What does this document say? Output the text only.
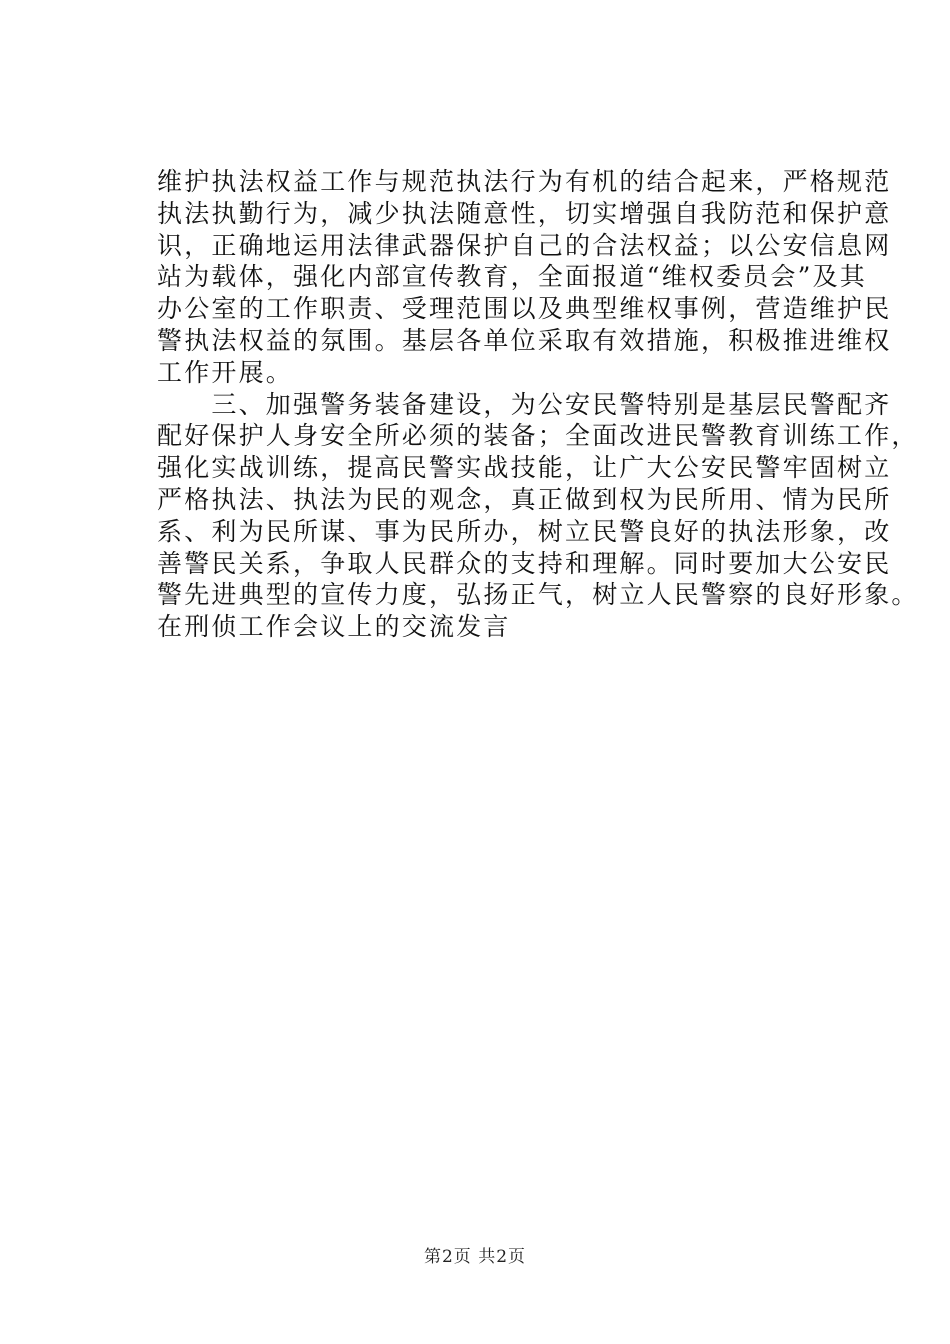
维护执法权益工作与规范执法行为有机的结合起来，严格规范
执法执勤行为，减少执法随意性，切实增强自我防范和保护意
识，正确地运用法律武器保护自己的合法权益；以公安信息网
站为载体，强化内部宣传教育，全面报道“维权委员会”及其
办公室的工作职责、受理范围以及典型维权事例，营造维护民
警执法权益的氛围。基层各单位采取有效措施，积极推进维权
工作开展。
　　三、加强警务装备建设，为公安民警特别是基层民警配齐
配好保护人身安全所必须的装备；全面改进民警教育训练工作，
强化实战训练，提高民警实战技能，让广大公安民警牢固树立
严格执法、执法为民的观念，真正做到权为民所用、情为民所
系、利为民所谋、事为民所办，树立民警良好的执法形象，改
善警民关系，争取人民群众的支持和理解。同时要加大公安民
警先进典型的宣传力度，弘扬正气，树立人民警察的良好形象。
在刑侦工作会议上的交流发言
第2页 共2页
